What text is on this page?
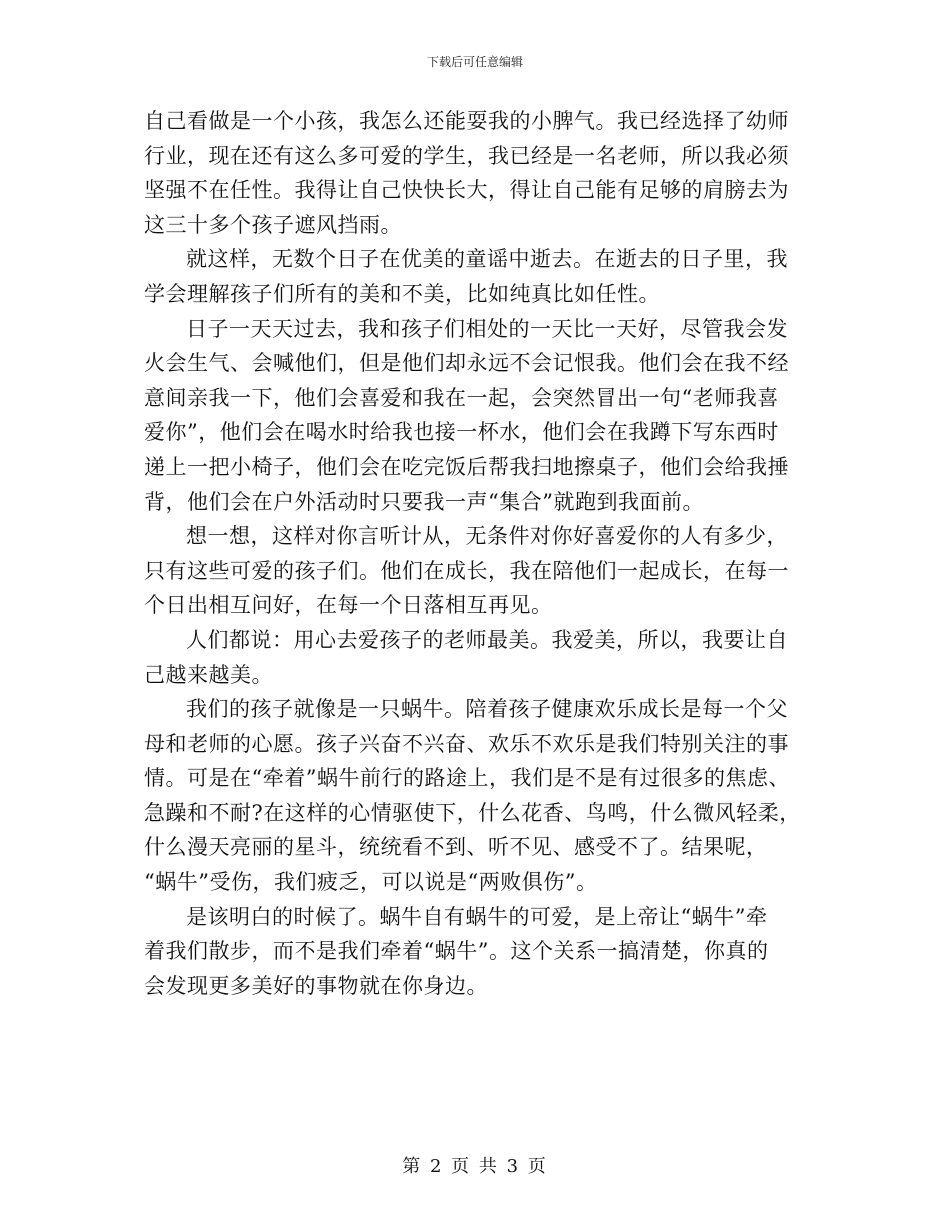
下载后可任意编辑

自己看做是一个小孩，我怎么还能耍我的小脾气。我已经选择了幼师
行业，现在还有这么多可爱的学生，我已经是一名老师，所以我必须
坚强不在任性。我得让自己快快长大，得让自己能有足够的肩膀去为
这三十多个孩子遮风挡雨。

就这样，无数个日子在优美的童谣中逝去。在逝去的日子里，我
学会理解孩子们所有的美和不美，比如纯真比如任性。

日子一天天过去，我和孩子们相处的一天比一天好，尽管我会发
火会生气、会喊他们，但是他们却永远不会记恨我。他们会在我不经
意间亲我一下，他们会喜爱和我在一起，会突然冒出一句“老师我喜
爱你”，他们会在喝水时给我也接一杯水，他们会在我蹲下写东西时
递上一把小椅子，他们会在吃完饭后帮我扫地擦桌子，他们会给我捶
背，他们会在户外活动时只要我一声“集合”就跑到我面前。

想一想，这样对你言听计从，无条件对你好喜爱你的人有多少，
只有这些可爱的孩子们。他们在成长，我在陪他们一起成长，在每一
个日出相互问好，在每一个日落相互再见。

人们都说：用心去爱孩子的老师最美。我爱美，所以，我要让自
己越来越美。

我们的孩子就像是一只蜗牛。陪着孩子健康欢乐成长是每一个父
母和老师的心愿。孩子兴奋不兴奋、欢乐不欢乐是我们特别关注的事
情。可是在“牵着”蜗牛前行的路途上，我们是不是有过很多的焦虑、
急躁和不耐?在这样的心情驱使下，什么花香、鸟鸣，什么微风轻柔，
什么漫天亮丽的星斗，统统看不到、听不见、感受不了。结果呢，
“蜗牛”受伤，我们疲乏，可以说是“两败俱伤”。

是该明白的时候了。蜗牛自有蜗牛的可爱，是上帝让“蜗牛”牵
着我们散步，而不是我们牵着“蜗牛”。这个关系一搞清楚，你真的
会发现更多美好的事物就在你身边。

第 2 页 共 3 页
